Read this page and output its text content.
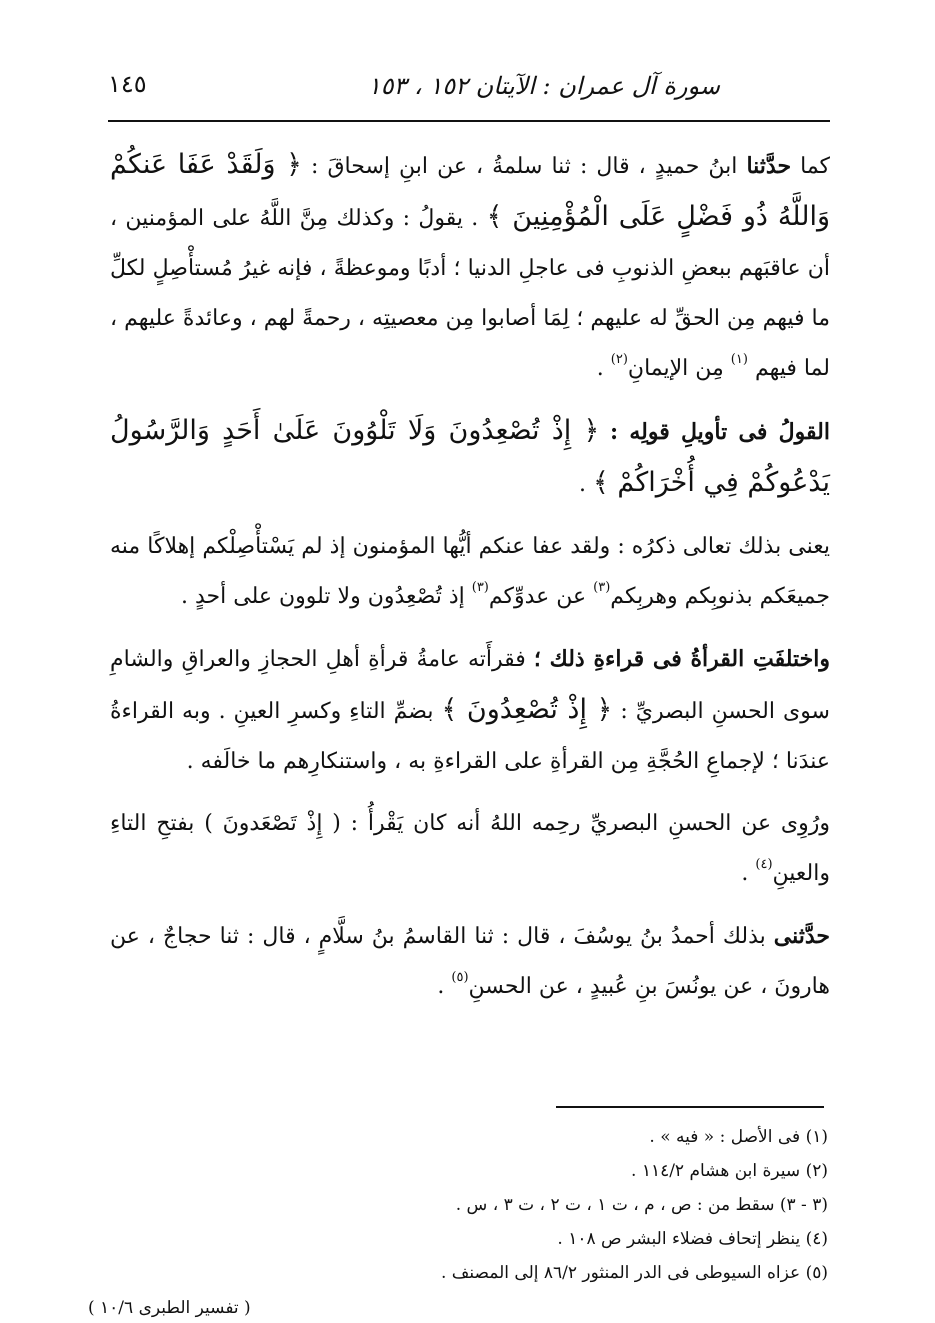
سورة آل عمران : الآيتان ١٥٢ ، ١٥٣
١٤٥

كما حدَّثنا ابنُ حميدٍ ، قال : ثنا سلمةُ ، عن ابنِ إسحاقَ : ﴿ وَلَقَدْ عَفَا عَنكُمْ وَاللَّهُ ذُو فَضْلٍ عَلَى الْمُؤْمِنِينَ ﴾ . يقولُ : وكذلك مِنَّ اللَّهُ على المؤمنين ، أن عاقبَهم ببعضِ الذنوبِ فى عاجلِ الدنيا ؛ أدبًا وموعظةً ، فإنه غيرُ مُستأْصِلٍ لكلِّ ما فيهم مِن الحقِّ له عليهم ؛ لِمَا أصابوا مِن معصيتِه ، رحمةً لهم ، وعائدةً عليهم ، لما فيهم $^{(١)}$ مِن الإيمانِ$^{(٢)}$ .

القولُ فى تأويلِ قولِه : ﴿ إِذْ تُصْعِدُونَ وَلَا تَلْوُونَ عَلَىٰ أَحَدٍ وَالرَّسُولُ يَدْعُوكُمْ فِي أُخْرَاكُمْ ﴾ .

يعنى بذلك تعالى ذكرُه : ولقد عفا عنكم أيُّها المؤمنون إذ لم يَسْتأْصِلْكم إهلاكًا منه جميعَكم بذنوبِكم وهربِكم$^{(٣)}$ عن عدوِّكم$^{(٣)}$ إذ تُصْعِدُون ولا تلوون على أحدٍ .

واختلفَتِ القرأةُ فى قراءةِ ذلك ؛ فقرأَته عامةُ قرأةِ أهلِ الحجازِ والعراقِ والشامِ سوى الحسنِ البصريِّ : ﴿ إِذْ تُصْعِدُونَ ﴾ بضمِّ التاءِ وكسرِ العينِ . وبه القراءةُ عندَنا ؛ لإجماعِ الحُجَّةِ مِن القرأةِ على القراءةِ به ، واستنكارِهم ما خالَفه .

ورُوِى عن الحسنِ البصريِّ رحِمه اللهُ أنه كان يَقْرأُ : ( إِذْ تَصْعَدونَ ) بفتحِ التاءِ والعينِ$^{(٤)}$ .

حدَّثنى بذلك أحمدُ بنُ يوسُفَ ، قال : ثنا القاسمُ بنُ سلَّامٍ ، قال : ثنا حجاجٌ ، عن هارونَ ، عن يونُسَ بنِ عُبيدٍ ، عن الحسنِ$^{(٥)}$ .

(١) فى الأصل : « فيه » .
(٢) سيرة ابن هشام ١١٤/٢ .
(٣ - ٣) سقط من : ص ، م ، ت ١ ، ت ٢ ، ت ٣ ، س .
(٤) ينظر إتحاف فضلاء البشر ص ١٠٨ .
(٥) عزاه السيوطى فى الدر المنثور ٨٦/٢ إلى المصنف .
( تفسير الطبرى ١٠/٦ )
